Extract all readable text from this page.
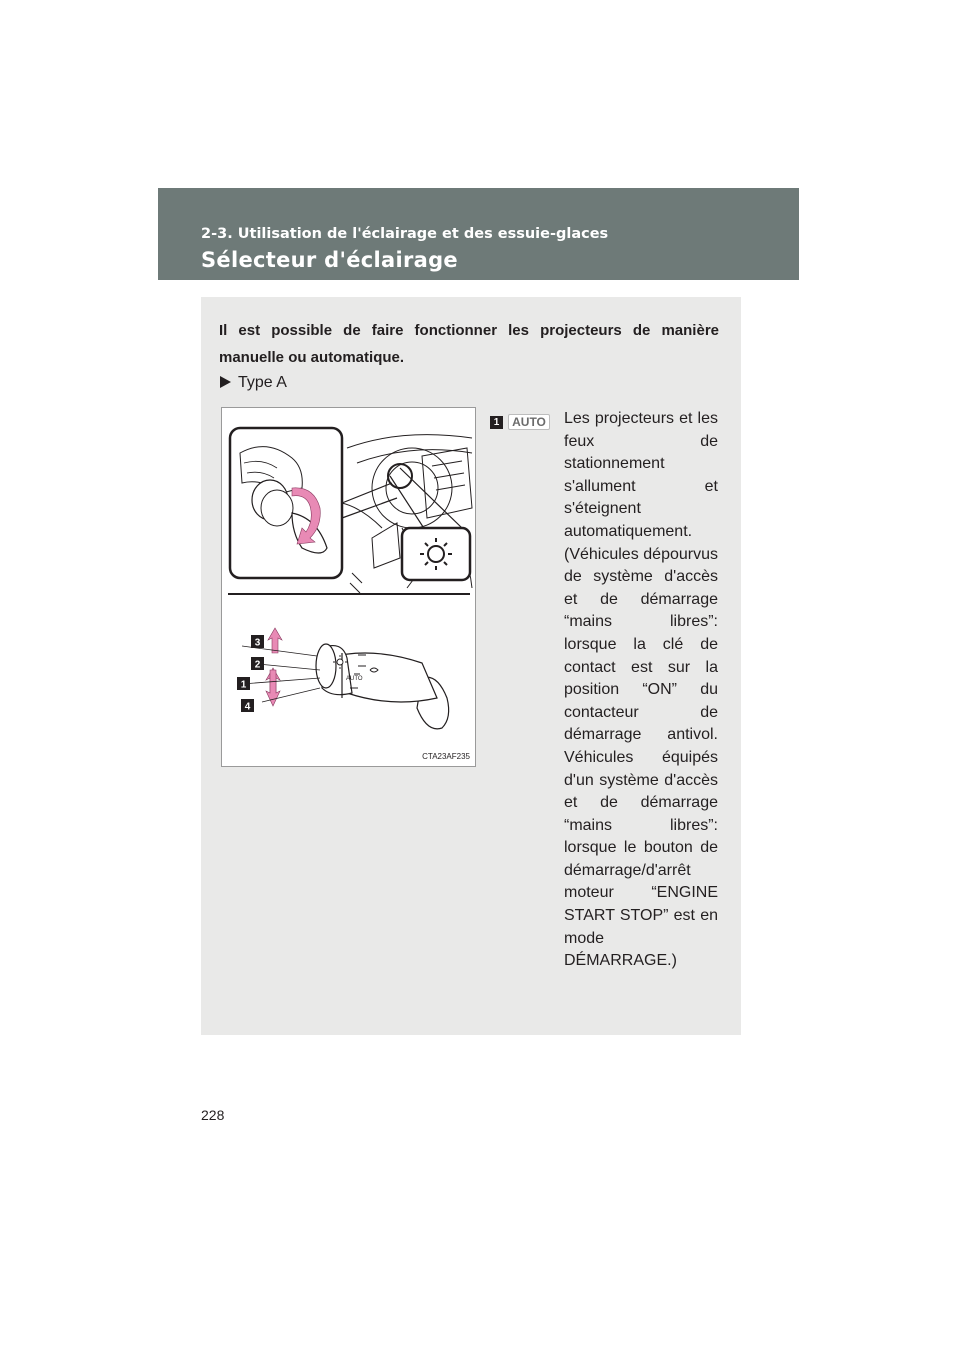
2-3. Utilisation de l'éclairage et des essuie-glaces
Sélecteur d'éclairage
Il est possible de faire fonctionner les projecteurs de manière manuelle ou automatique.
Type A
AUTO
3
2
1
4
CTA23AF235
1	AUTO Les projecteurs et les feux de stationnement s'allument et s'éteignent automatiquement. (Véhicules dépourvus de système d'accès et de démarrage “mains libres”: lorsque la clé de contact est sur la position “ON” du contacteur de démarrage antivol. Véhicules équipés d'un système d'accès et de démarrage “mains libres”: lorsque le bouton de démarrage/d'arrêt moteur “ENGINE START STOP” est en mode DÉMARRAGE.)
228
